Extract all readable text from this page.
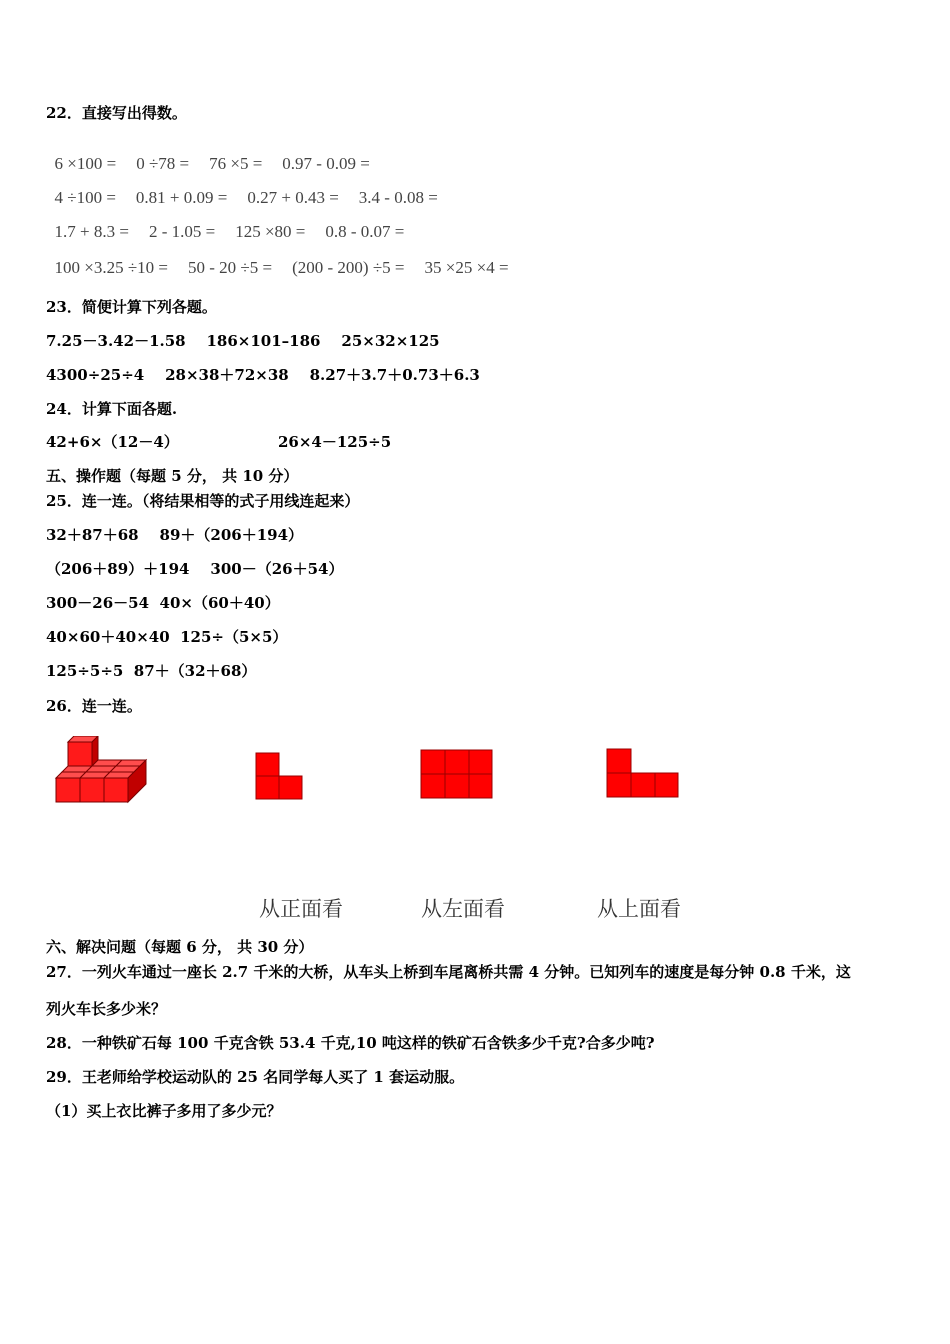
22．直接写出得数。

6 ×100 = 0 ÷78 = 76 ×5 = 0.97 - 0.09 =

4 ÷100 = 0.81 + 0.09 = 0.27 + 0.43 = 3.4 - 0.08 =

1.7 + 8.3 = 2 - 1.05 = 125 ×80 = 0.8 - 0.07 =

100 ×3.25 ÷10 = 50 - 20 ÷5 = (200 - 200) ÷5 = 35 ×25 ×4 =

23．简便计算下列各题。
7.25－3.42－1.58    186×101–186    25×32×125
4300÷25÷4    28×38＋72×38    8.27＋3.7＋0.73＋6.3
24．计算下面各题.
42+6×（12－4）                   26×4－125÷5
五、操作题（每题 5 分， 共 10 分）
25．连一连。（将结果相等的式子用线连起来）
32＋87＋68    89＋（206＋194）
（206＋89）＋194    300－（26＋54）
300－26－54  40×（60＋40）
40×60＋40×40  125÷（5×5）
125÷5÷5  87＋（32＋68）
26．连一连。
从正面看	从左面看	从上面看
六、解决问题（每题 6 分， 共 30 分）
27．一列火车通过一座长 2.7 千米的大桥，从车头上桥到车尾离桥共需 4 分钟。已知列车的速度是每分钟 0.8 千米，这
列火车长多少米？
28．一种铁矿石每 100 千克含铁 53.4 千克,10 吨这样的铁矿石含铁多少千克?合多少吨?
29．王老师给学校运动队的 25 名同学每人买了 1 套运动服。
（1）买上衣比裤子多用了多少元？
